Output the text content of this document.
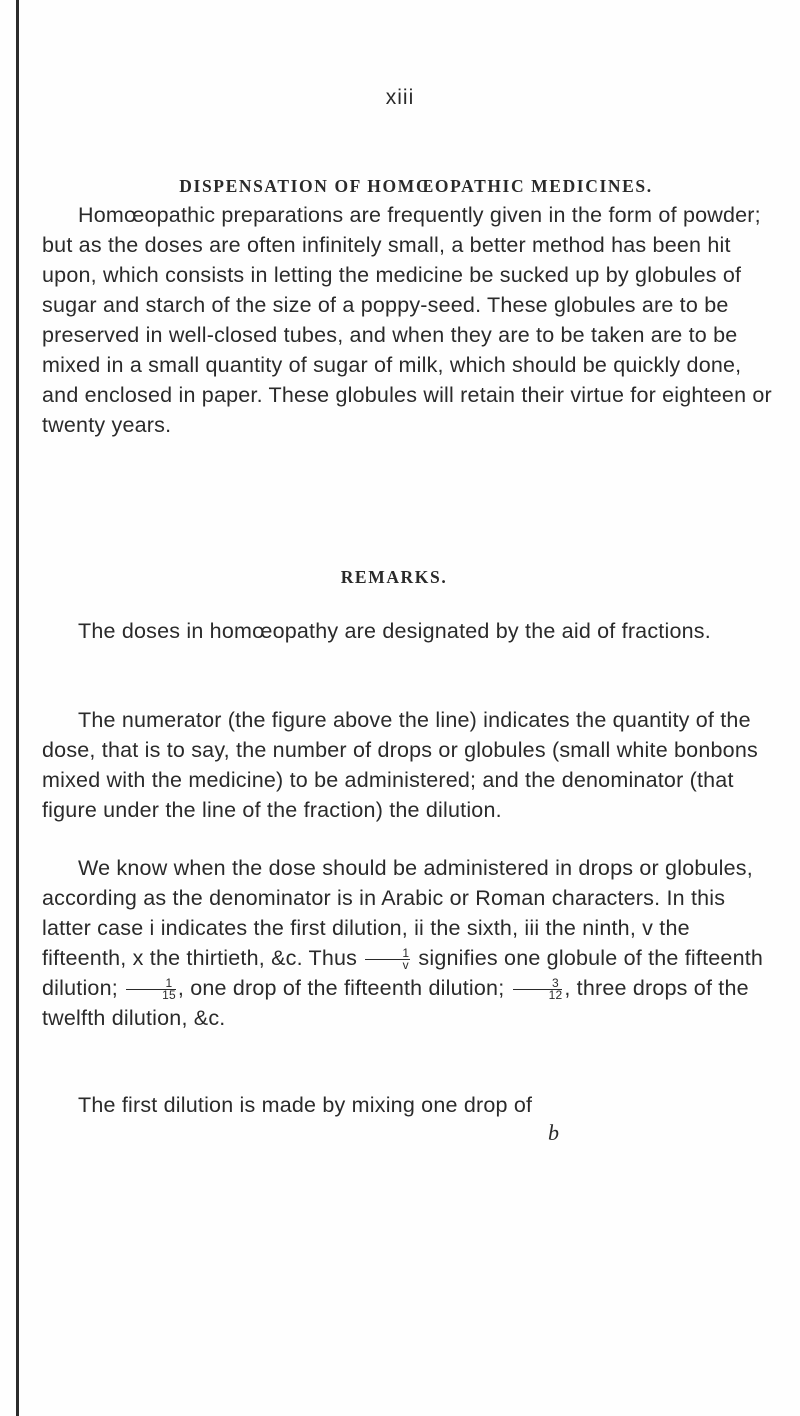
xiii
DISPENSATION OF HOMŒOPATHIC MEDICINES.

Homœopathic preparations are frequently given in the form of powder; but as the doses are often infinitely small, a better method has been hit upon, which consists in letting the medicine be sucked up by globules of sugar and starch of the size of a poppy-seed. These globules are to be preserved in well-closed tubes, and when they are to be taken are to be mixed in a small quantity of sugar of milk, which should be quickly done, and enclosed in paper. These globules will retain their virtue for eighteen or twenty years.

REMARKS.

The doses in homœopathy are designated by the aid of fractions.

The numerator (the figure above the line) indicates the quantity of the dose, that is to say, the number of drops or globules (small white bonbons mixed with the medicine) to be administered; and the denominator (that figure under the line of the fraction) the dilution.

We know when the dose should be administered in drops or globules, according as the denominator is in Arabic or Roman characters. In this latter case i indicates the first dilution, ii the sixth, iii the ninth, v the fifteenth, x the thirtieth, &c. Thus $\frac{1}{v}$ signifies one globule of the fifteenth dilution; $\frac{1}{15}$ , one drop of the fifteenth dilution; $\frac{3}{12}$ , three drops of the twelfth dilution, &c.

The first dilution is made by mixing one drop of

b
